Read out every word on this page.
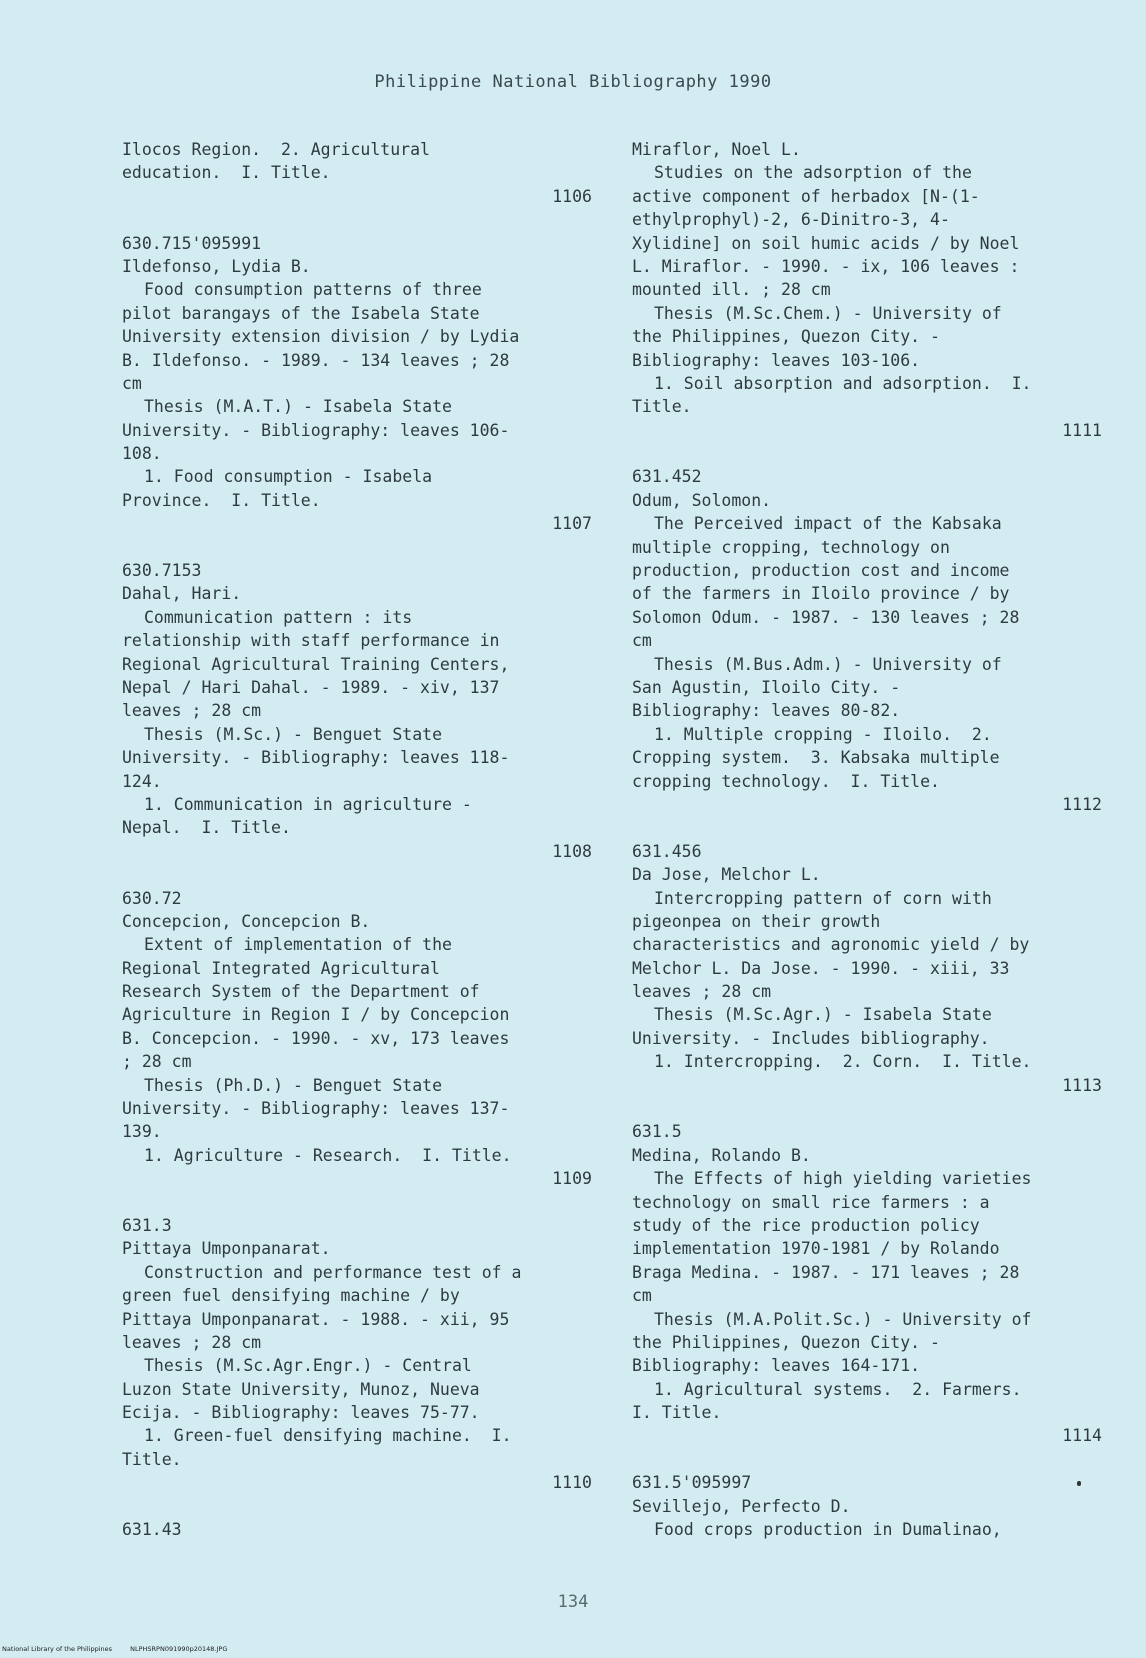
Philippine National Bibliography 1990
Ilocos Region.  2. Agricultural
education.  I. Title.
1106
630.715'095991
Ildefonso, Lydia B.
Food consumption patterns of three
pilot barangays of the Isabela State
University extension division / by Lydia
B. Ildefonso. - 1989. - 134 leaves ; 28
cm
Thesis (M.A.T.) - Isabela State
University. - Bibliography: leaves 106-
108.
1. Food consumption - Isabela
Province.  I. Title.
1107
630.7153
Dahal, Hari.
Communication pattern : its
relationship with staff performance in
Regional Agricultural Training Centers,
Nepal / Hari Dahal. - 1989. - xiv, 137
leaves ; 28 cm
Thesis (M.Sc.) - Benguet State
University. - Bibliography: leaves 118-
124.
1. Communication in agriculture -
Nepal.  I. Title.
1108
630.72
Concepcion, Concepcion B.
Extent of implementation of the
Regional Integrated Agricultural
Research System of the Department of
Agriculture in Region I / by Concepcion
B. Concepcion. - 1990. - xv, 173 leaves
; 28 cm
Thesis (Ph.D.) - Benguet State
University. - Bibliography: leaves 137-
139.
1. Agriculture - Research.  I. Title.
1109
631.3
Pittaya Umponpanarat.
Construction and performance test of a
green fuel densifying machine / by
Pittaya Umponpanarat. - 1988. - xii, 95
leaves ; 28 cm
Thesis (M.Sc.Agr.Engr.) - Central
Luzon State University, Munoz, Nueva
Ecija. - Bibliography: leaves 75-77.
1. Green-fuel densifying machine.  I.
Title.
1110
631.43
Miraflor, Noel L.
Studies on the adsorption of the
active component of herbadox [N-(1-
ethylprophyl)-2, 6-Dinitro-3, 4-
Xylidine] on soil humic acids / by Noel
L. Miraflor. - 1990. - ix, 106 leaves :
mounted ill. ; 28 cm
Thesis (M.Sc.Chem.) - University of
the Philippines, Quezon City. -
Bibliography: leaves 103-106.
1. Soil absorption and adsorption.  I.
Title.
1111
631.452
Odum, Solomon.
The Perceived impact of the Kabsaka
multiple cropping, technology on
production, production cost and income
of the farmers in Iloilo province / by
Solomon Odum. - 1987. - 130 leaves ; 28
cm
Thesis (M.Bus.Adm.) - University of
San Agustin, Iloilo City. -
Bibliography: leaves 80-82.
1. Multiple cropping - Iloilo.  2.
Cropping system.  3. Kabsaka multiple
cropping technology.  I. Title.
1112
631.456
Da Jose, Melchor L.
Intercropping pattern of corn with
pigeonpea on their growth
characteristics and agronomic yield / by
Melchor L. Da Jose. - 1990. - xiii, 33
leaves ; 28 cm
Thesis (M.Sc.Agr.) - Isabela State
University. - Includes bibliography.
1. Intercropping.  2. Corn.  I. Title.
1113
631.5
Medina, Rolando B.
The Effects of high yielding varieties
technology on small rice farmers : a
study of the rice production policy
implementation 1970-1981 / by Rolando
Braga Medina. - 1987. - 171 leaves ; 28
cm
Thesis (M.A.Polit.Sc.) - University of
the Philippines, Quezon City. -
Bibliography: leaves 164-171.
1. Agricultural systems.  2. Farmers.
I. Title.
1114
631.5'095997
Sevillejo, Perfecto D.
Food crops production in Dumalinao,
134
National Library of the Philippines	NLPHSRPN091990p20148.JPG
